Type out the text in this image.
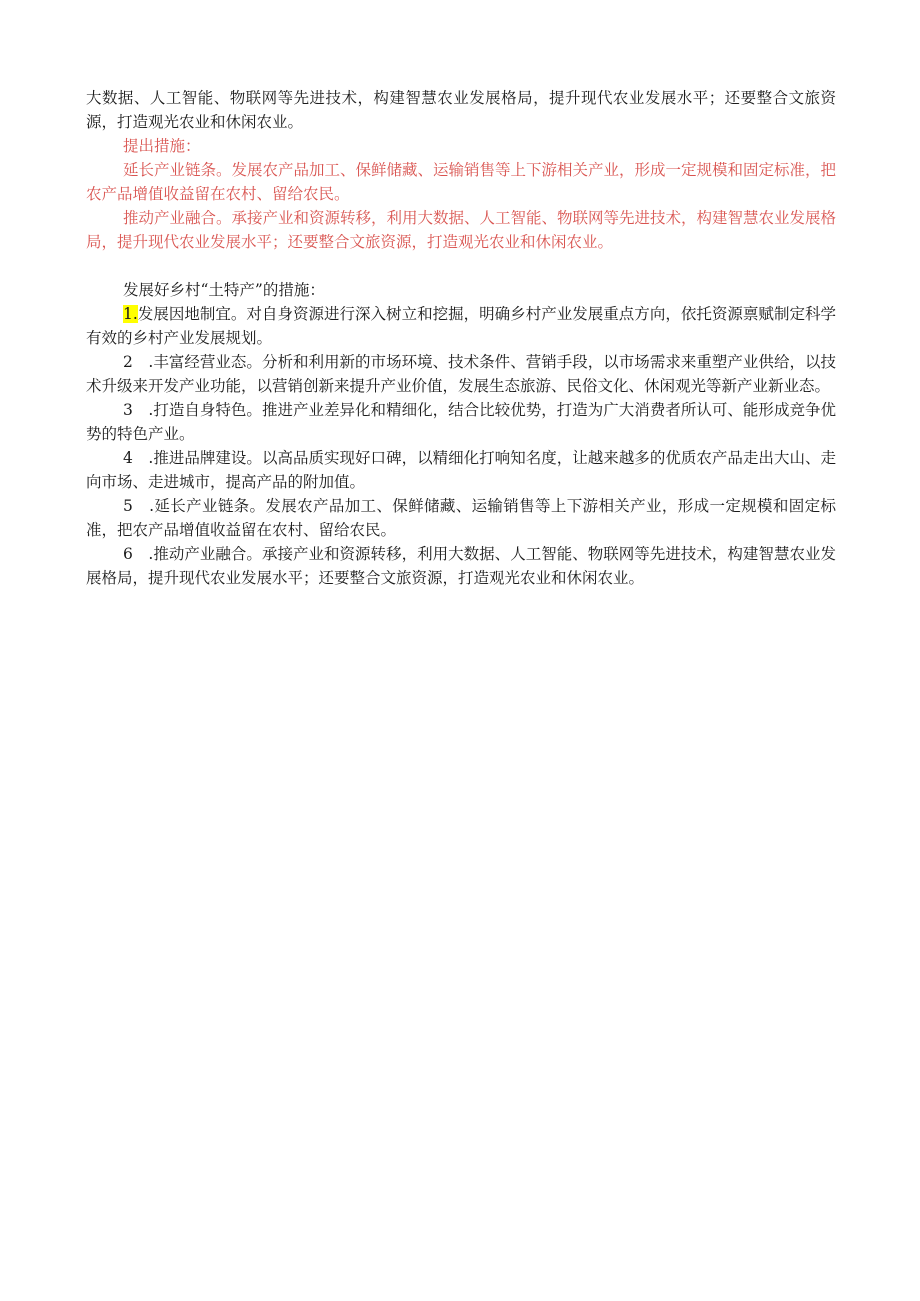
大数据、人工智能、物联网等先进技术，构建智慧农业发展格局，提升现代农业发展水平；还要整合文旅资源，打造观光农业和休闲农业。

提出措施：

延长产业链条。发展农产品加工、保鲜储藏、运输销售等上下游相关产业，形成一定规模和固定标准，把农产品增值收益留在农村、留给农民。

推动产业融合。承接产业和资源转移，利用大数据、人工智能、物联网等先进技术，构建智慧农业发展格局，提升现代农业发展水平；还要整合文旅资源，打造观光农业和休闲农业。

发展好乡村“土特产”的措施：

1.发展因地制宜。对自身资源进行深入树立和挖掘，明确乡村产业发展重点方向，依托资源禀赋制定科学有效的乡村产业发展规划。

2　.丰富经营业态。分析和利用新的市场环境、技术条件、营销手段，以市场需求来重塑产业供给，以技术升级来开发产业功能，以营销创新来提升产业价值，发展生态旅游、民俗文化、休闲观光等新产业新业态。

3　.打造自身特色。推进产业差异化和精细化，结合比较优势，打造为广大消费者所认可、能形成竞争优势的特色产业。

4　.推进品牌建设。以高品质实现好口碑，以精细化打响知名度，让越来越多的优质农产品走出大山、走向市场、走进城市，提高产品的附加值。

5　.延长产业链条。发展农产品加工、保鲜储藏、运输销售等上下游相关产业，形成一定规模和固定标准，把农产品增值收益留在农村、留给农民。

6　.推动产业融合。承接产业和资源转移，利用大数据、人工智能、物联网等先进技术，构建智慧农业发展格局，提升现代农业发展水平；还要整合文旅资源，打造观光农业和休闲农业。
